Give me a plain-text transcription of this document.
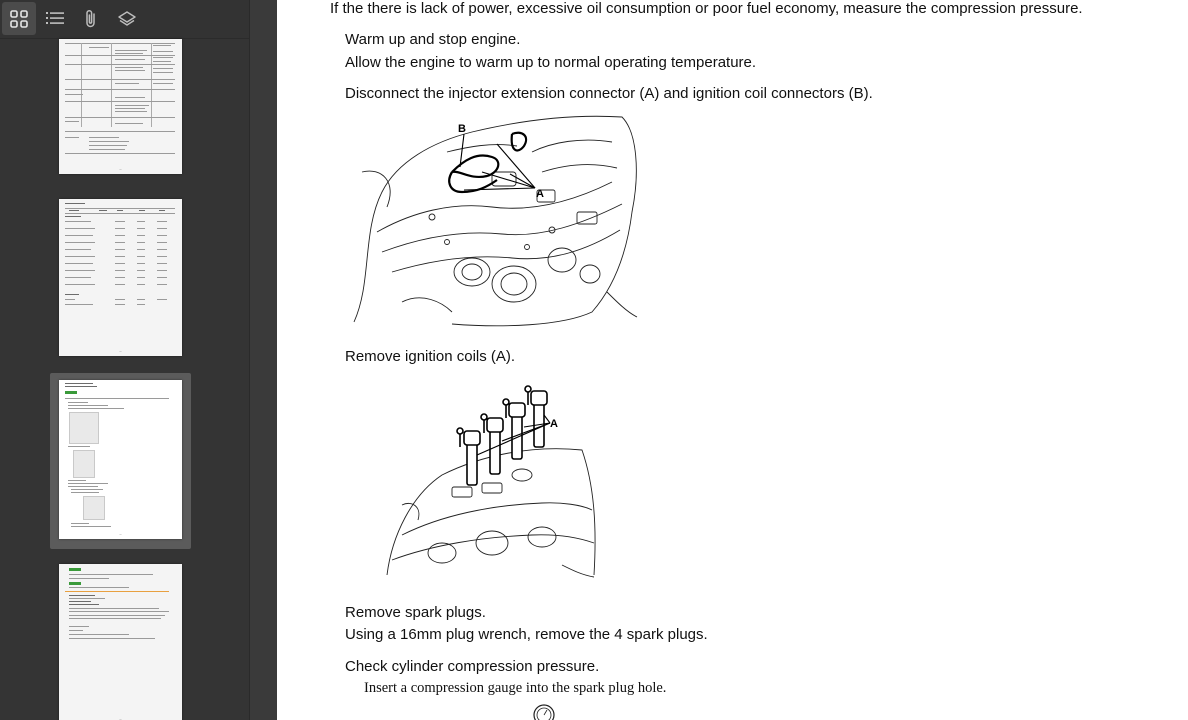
–
–
–
–
If the there is lack of power, excessive oil consumption or poor fuel economy, measure the compression pressure.
Warm up and stop engine.
Allow the engine to warm up to normal operating temperature.
Disconnect the injector extension connector (A) and ignition coil connectors (B).
B
A
Remove ignition coils (A).
A
Remove spark plugs.
Using a 16mm plug wrench, remove the 4 spark plugs.
Check cylinder compression pressure.
Insert a compression gauge into the spark plug hole.
